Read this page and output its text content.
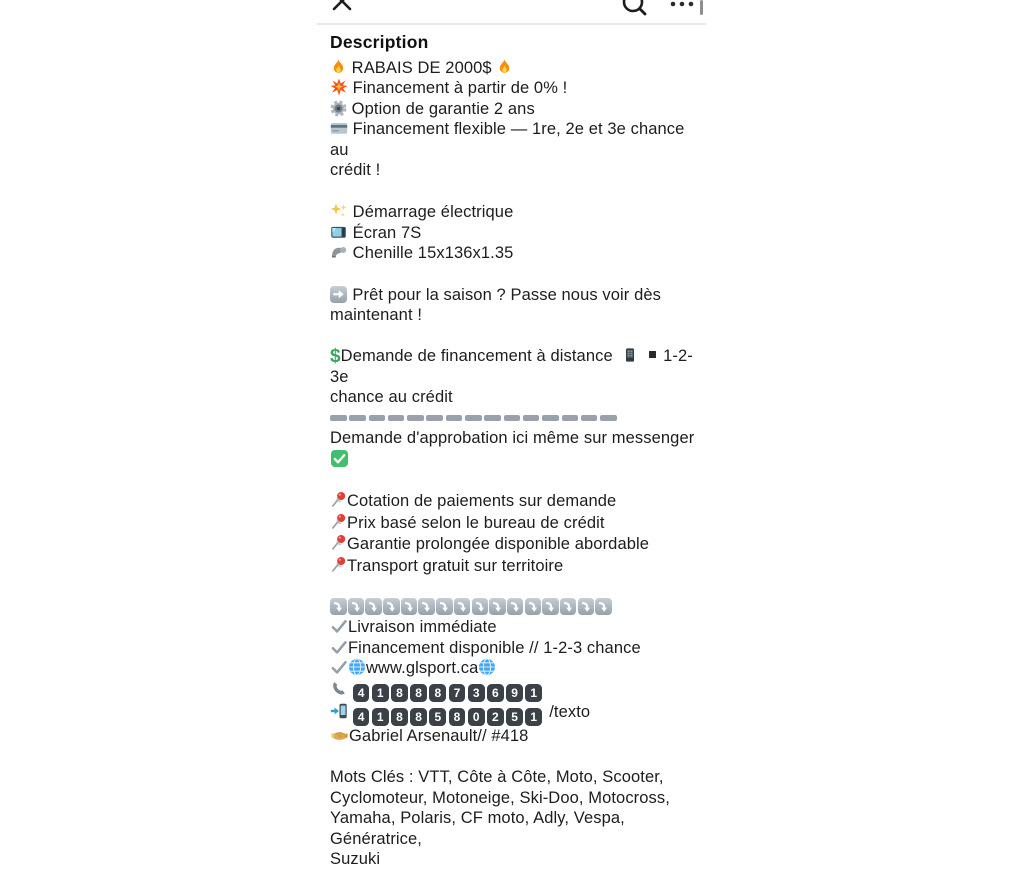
Description
RABAIS DE 2000$
Financement à partir de 0% !
Option de garantie 2 ans
Financement flexible — 1re, 2e et 3e chance au
crédit !
Démarrage électrique
Écran 7S
Chenille 15x136x1.35
Prêt pour la saison ? Passe nous voir dès
maintenant !
$Demande de financement à distance     1-2-3e
chance au crédit
Demande d'approbation ici même sur messenger
Cotation de paiements sur demande
Prix basé selon le bureau de crédit
Garantie prolongée disponible abordable
Transport gratuit sur territoire
Livraison immédiate
Financement disponible // 1-2-3 chance
www.glsport.ca
4 1 8 8 8 7 3 6 9 1
4 1 8 8 5 8 0 2 5 1 /texto
Gabriel Arsenault// #418
Mots Clés : VTT, Côte à Côte, Moto, Scooter,
Cyclomoteur, Motoneige, Ski-Doo, Motocross,
Yamaha, Polaris, CF moto, Adly, Vespa, Génératrice,
Suzuki
